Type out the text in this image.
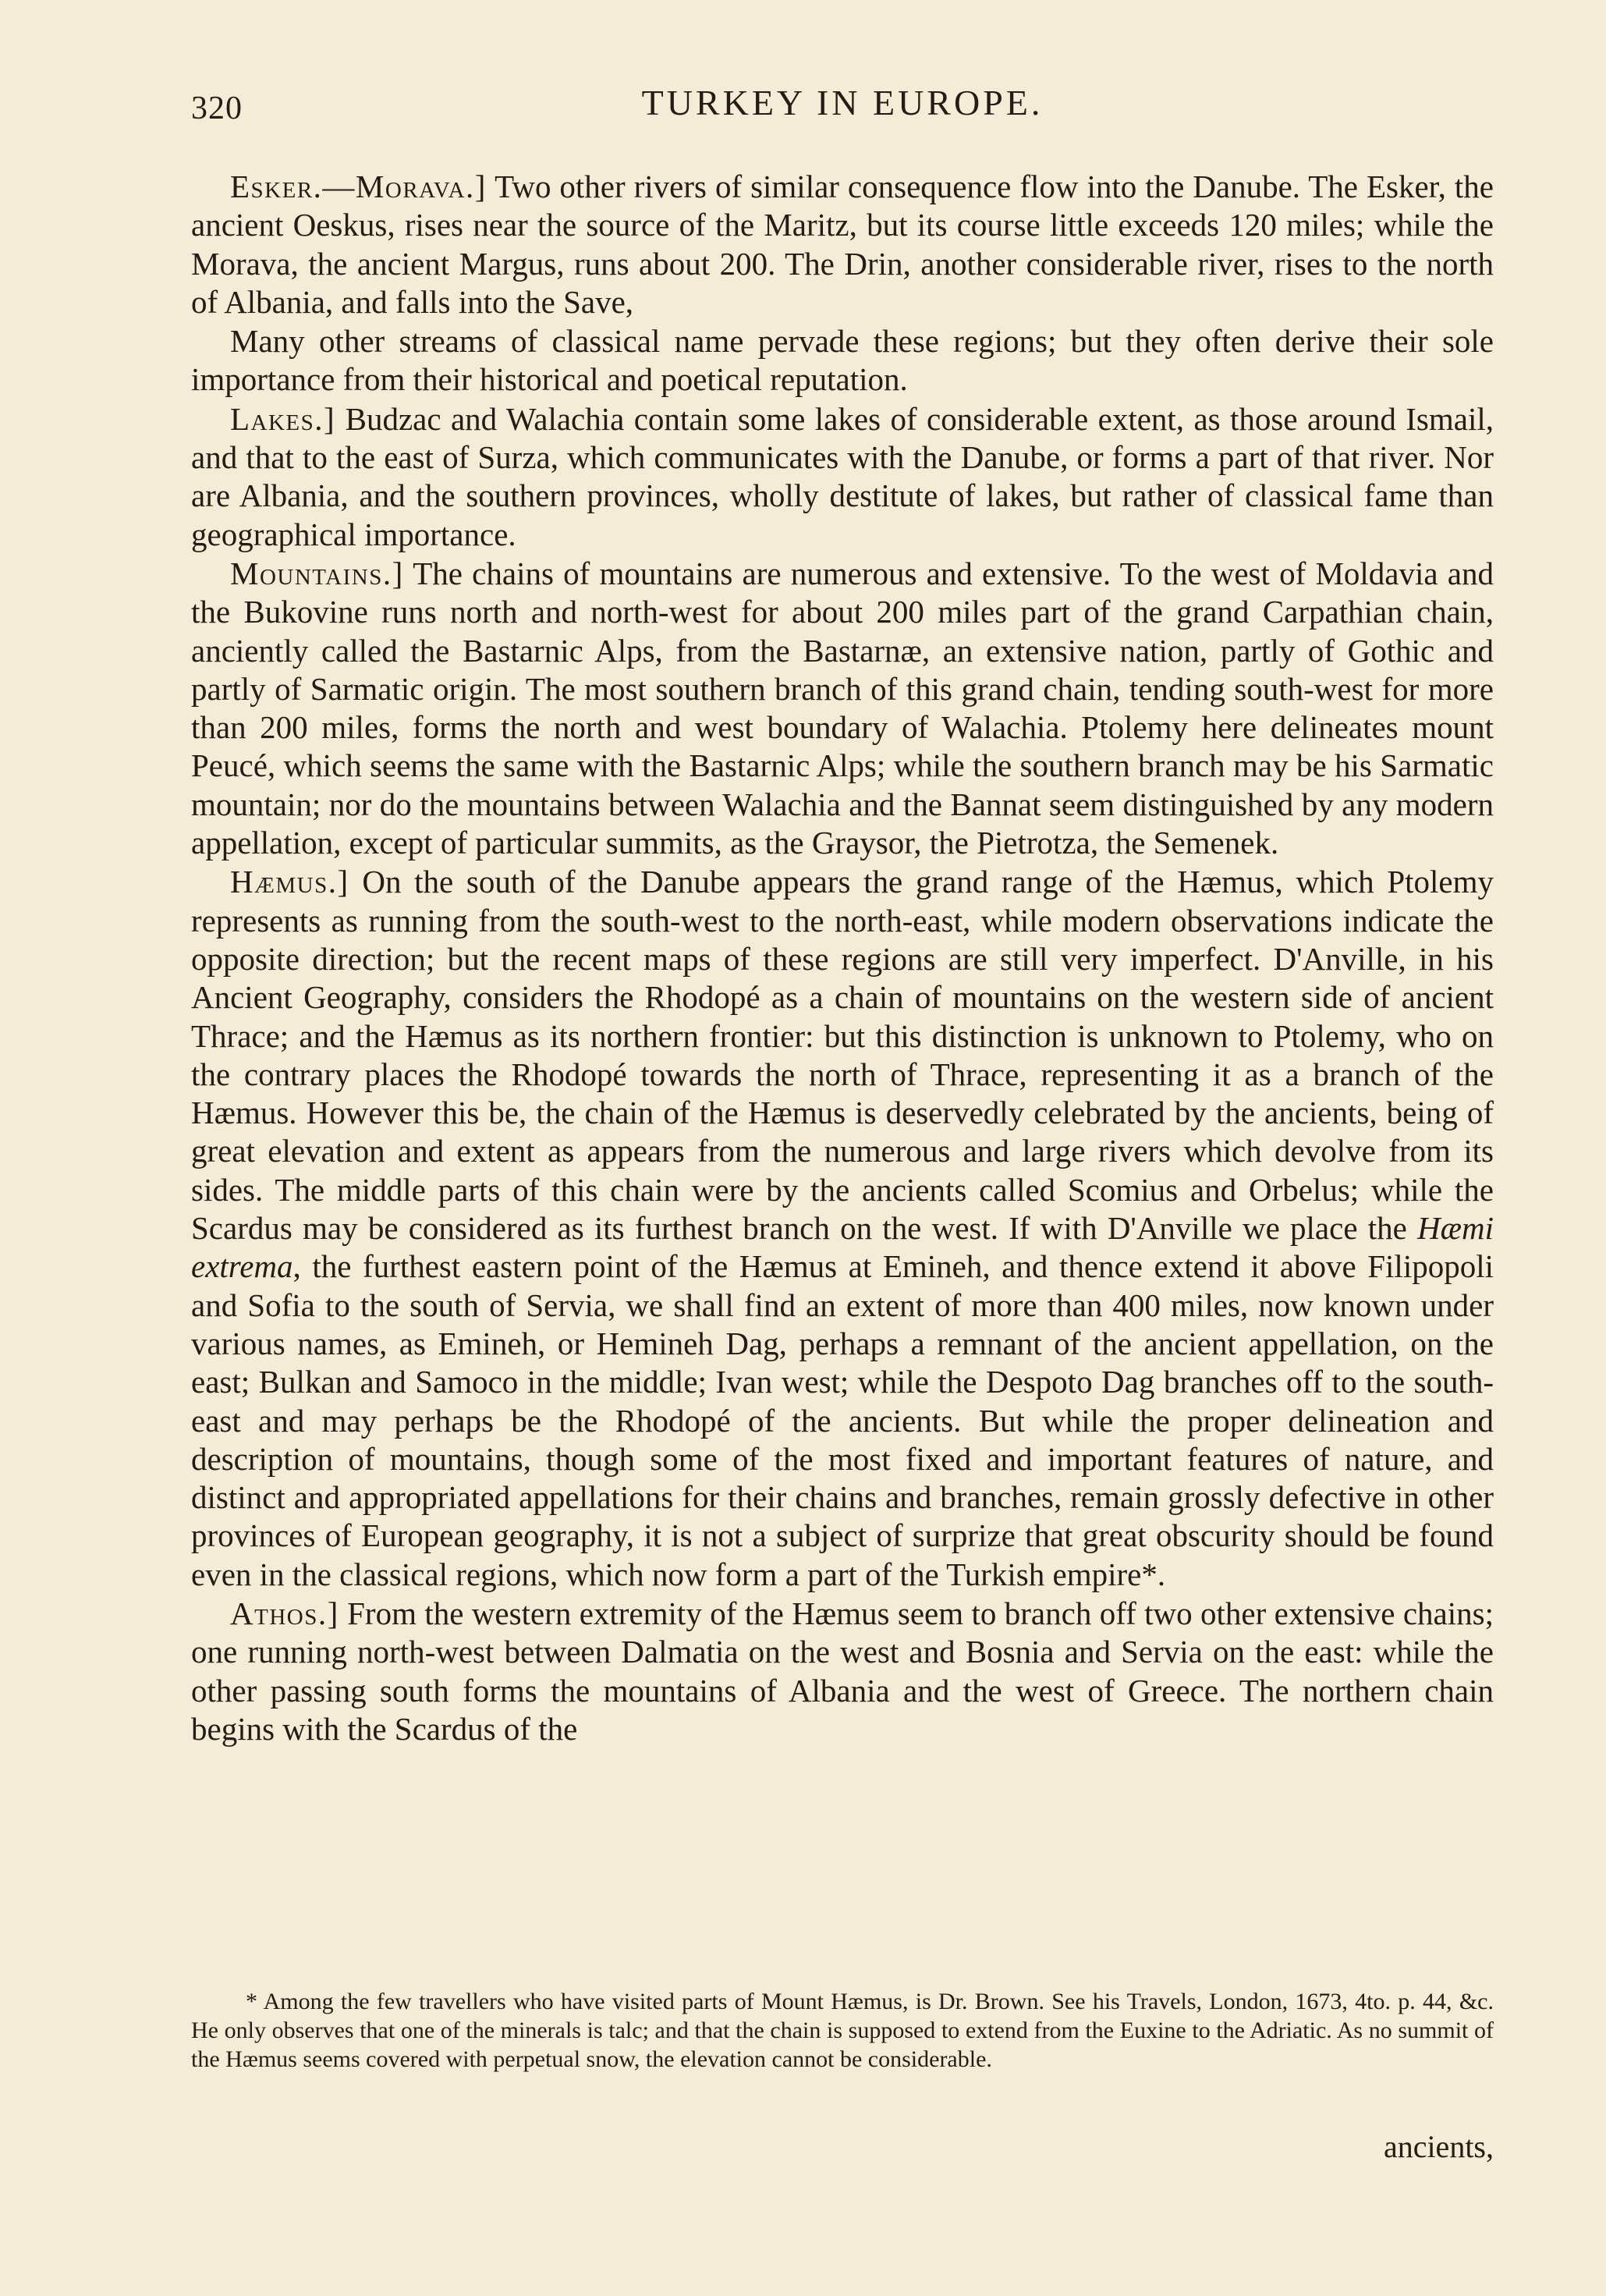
320	TURKEY IN EUROPE.

Esker.—Morava.] Two other rivers of similar consequence flow into the Danube. The Esker, the ancient Oeskus, rises near the source of the Maritz, but its course little exceeds 120 miles; while the Morava, the ancient Margus, runs about 200. The Drin, another considerable river, rises to the north of Albania, and falls into the Save,

Many other streams of classical name pervade these regions; but they often derive their sole importance from their historical and poetical reputation.

Lakes.] Budzac and Walachia contain some lakes of considerable extent, as those around Ismail, and that to the east of Surza, which communicates with the Danube, or forms a part of that river. Nor are Albania, and the southern provinces, wholly destitute of lakes, but rather of classical fame than geographical importance.

Mountains.] The chains of mountains are numerous and extensive. To the west of Moldavia and the Bukovine runs north and north-west for about 200 miles part of the grand Carpathian chain, anciently called the Bastarnic Alps, from the Bastarnæ, an extensive nation, partly of Gothic and partly of Sarmatic origin. The most southern branch of this grand chain, tending south-west for more than 200 miles, forms the north and west boundary of Walachia. Ptolemy here delineates mount Peucé, which seems the same with the Bastarnic Alps; while the southern branch may be his Sarmatic mountain; nor do the mountains between Walachia and the Bannat seem distinguished by any modern appellation, except of particular summits, as the Graysor, the Pietrotza, the Semenek.

Hæmus.] On the south of the Danube appears the grand range of the Hæmus, which Ptolemy represents as running from the south-west to the north-east, while modern observations indicate the opposite direction; but the recent maps of these regions are still very imperfect. D'Anville, in his Ancient Geography, considers the Rhodopé as a chain of mountains on the western side of ancient Thrace; and the Hæmus as its northern frontier: but this distinction is unknown to Ptolemy, who on the contrary places the Rhodopé towards the north of Thrace, representing it as a branch of the Hæmus. However this be, the chain of the Hæmus is deservedly celebrated by the ancients, being of great elevation and extent as appears from the numerous and large rivers which devolve from its sides. The middle parts of this chain were by the ancients called Scomius and Orbelus; while the Scardus may be considered as its furthest branch on the west. If with D'Anville we place the Hæmi extrema, the furthest eastern point of the Hæmus at Emineh, and thence extend it above Filipopoli and Sofia to the south of Servia, we shall find an extent of more than 400 miles, now known under various names, as Emineh, or Hemineh Dag, perhaps a remnant of the ancient appellation, on the east; Bulkan and Samoco in the middle; Ivan west; while the Despoto Dag branches off to the south-east and may perhaps be the Rhodopé of the ancients. But while the proper delineation and description of mountains, though some of the most fixed and important features of nature, and distinct and appropriated appellations for their chains and branches, remain grossly defective in other provinces of European geography, it is not a subject of surprize that great obscurity should be found even in the classical regions, which now form a part of the Turkish empire*.

Athos.] From the western extremity of the Hæmus seem to branch off two other extensive chains; one running north-west between Dalmatia on the west and Bosnia and Servia on the east: while the other passing south forms the mountains of Albania and the west of Greece. The northern chain begins with the Scardus of the

* Among the few travellers who have visited parts of Mount Hæmus, is Dr. Brown. See his Travels, London, 1673, 4to. p. 44, &c. He only observes that one of the minerals is talc; and that the chain is supposed to extend from the Euxine to the Adriatic. As no summit of the Hæmus seems covered with perpetual snow, the elevation cannot be considerable.

ancients,
